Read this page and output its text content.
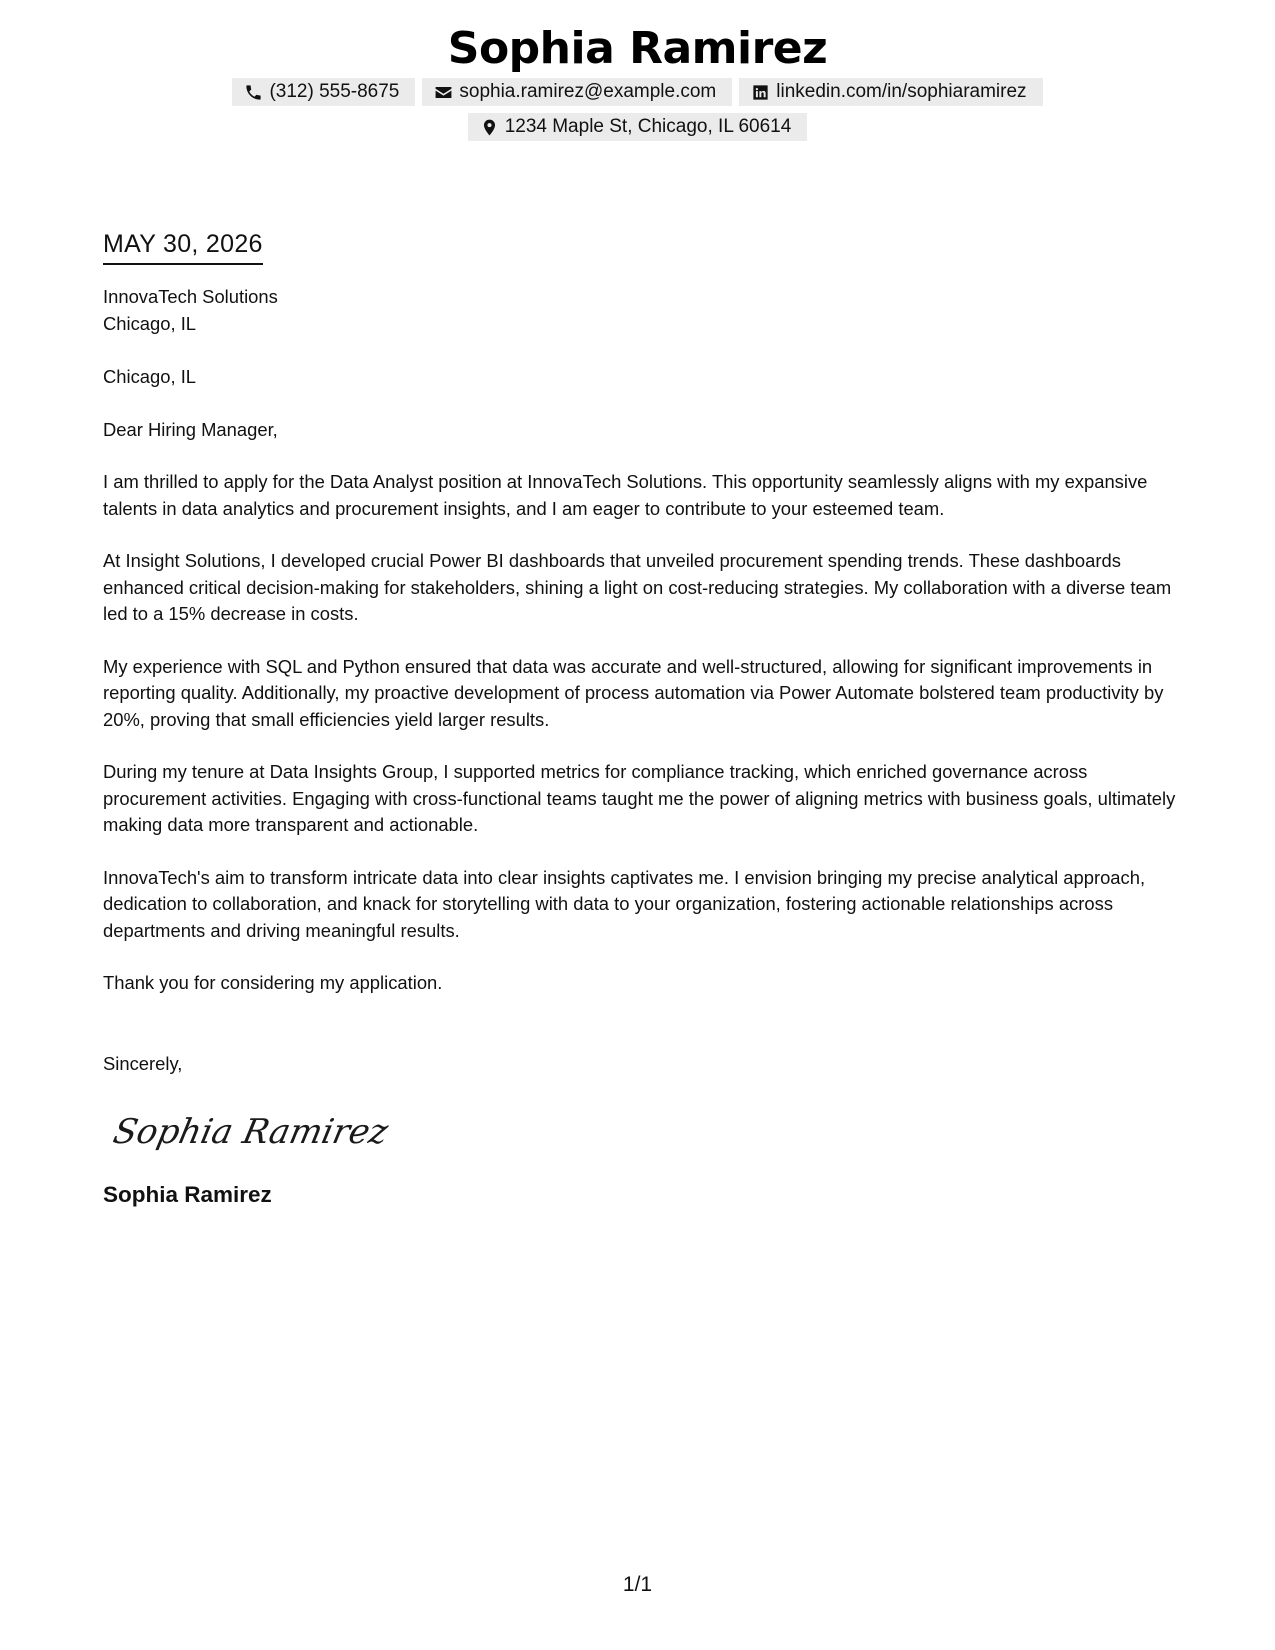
Sophia Ramirez
(312) 555-8675	sophia.ramirez@example.com	linkedin.com/in/sophiaramirez
1234 Maple St, Chicago, IL 60614

MAY 30, 2026

InnovaTech Solutions

Chicago, IL

Chicago, IL

Dear Hiring Manager,

I am thrilled to apply for the Data Analyst position at InnovaTech Solutions. This opportunity seamlessly aligns with my expansive talents in data analytics and procurement insights, and I am eager to contribute to your esteemed team.

At Insight Solutions, I developed crucial Power BI dashboards that unveiled procurement spending trends. These dashboards enhanced critical decision-making for stakeholders, shining a light on cost-reducing strategies. My collaboration with a diverse team led to a 15% decrease in costs.

My experience with SQL and Python ensured that data was accurate and well-structured, allowing for significant improvements in reporting quality. Additionally, my proactive development of process automation via Power Automate bolstered team productivity by 20%, proving that small efficiencies yield larger results.

During my tenure at Data Insights Group, I supported metrics for compliance tracking, which enriched governance across procurement activities. Engaging with cross-functional teams taught me the power of aligning metrics with business goals, ultimately making data more transparent and actionable.

InnovaTech's aim to transform intricate data into clear insights captivates me. I envision bringing my precise analytical approach, dedication to collaboration, and knack for storytelling with data to your organization, fostering actionable relationships across departments and driving meaningful results.

Thank you for considering my application.

Sincerely,

Sophia Ramirez

Sophia Ramirez

1/1
